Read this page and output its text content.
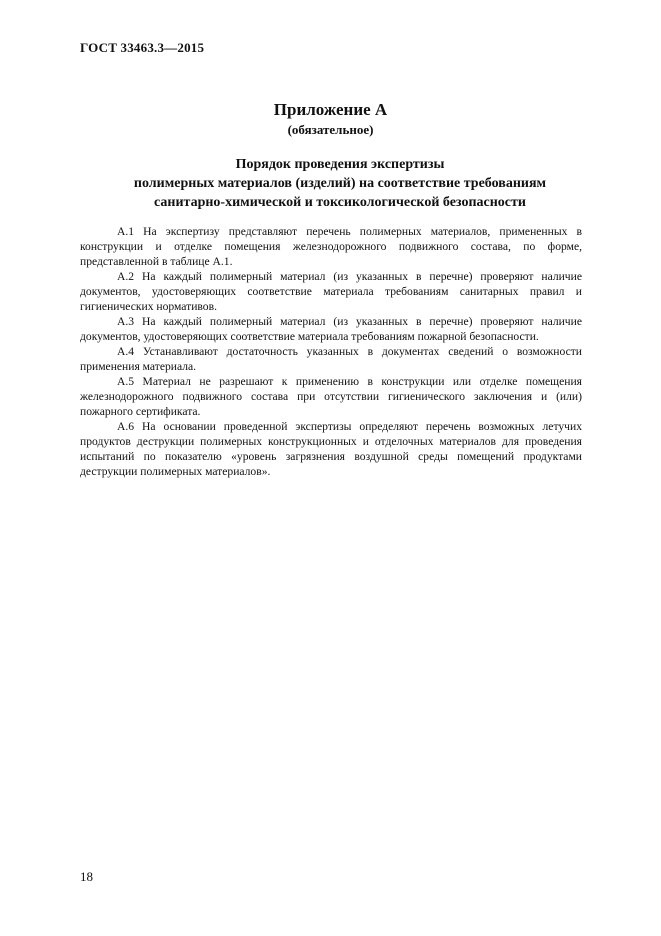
ГОСТ 33463.3—2015
Приложение А
(обязательное)
Порядок проведения экспертизы
полимерных материалов (изделий) на соответствие требованиям
санитарно-химической и токсикологической безопасности

А.1 На экспертизу представляют перечень полимерных материалов, примененных в конструкции и отделке помещения железнодорожного подвижного состава, по форме, представленной в таблице А.1.

А.2 На каждый полимерный материал (из указанных в перечне) проверяют наличие документов, удостоверяющих соответствие материала требованиям санитарных правил и гигиенических нормативов.

А.3 На каждый полимерный материал (из указанных в перечне) проверяют наличие документов, удостоверяющих соответствие материала требованиям пожарной безопасности.

А.4 Устанавливают достаточность указанных в документах сведений о возможности применения материала.

А.5 Материал не разрешают к применению в конструкции или отделке помещения железнодорожного подвижного состава при отсутствии гигиенического заключения и (или) пожарного сертификата.

А.6 На основании проведенной экспертизы определяют перечень возможных летучих продуктов деструкции полимерных конструкционных и отделочных материалов для проведения испытаний по показателю «уровень загрязнения воздушной среды помещений продуктами деструкции полимерных материалов».

18
